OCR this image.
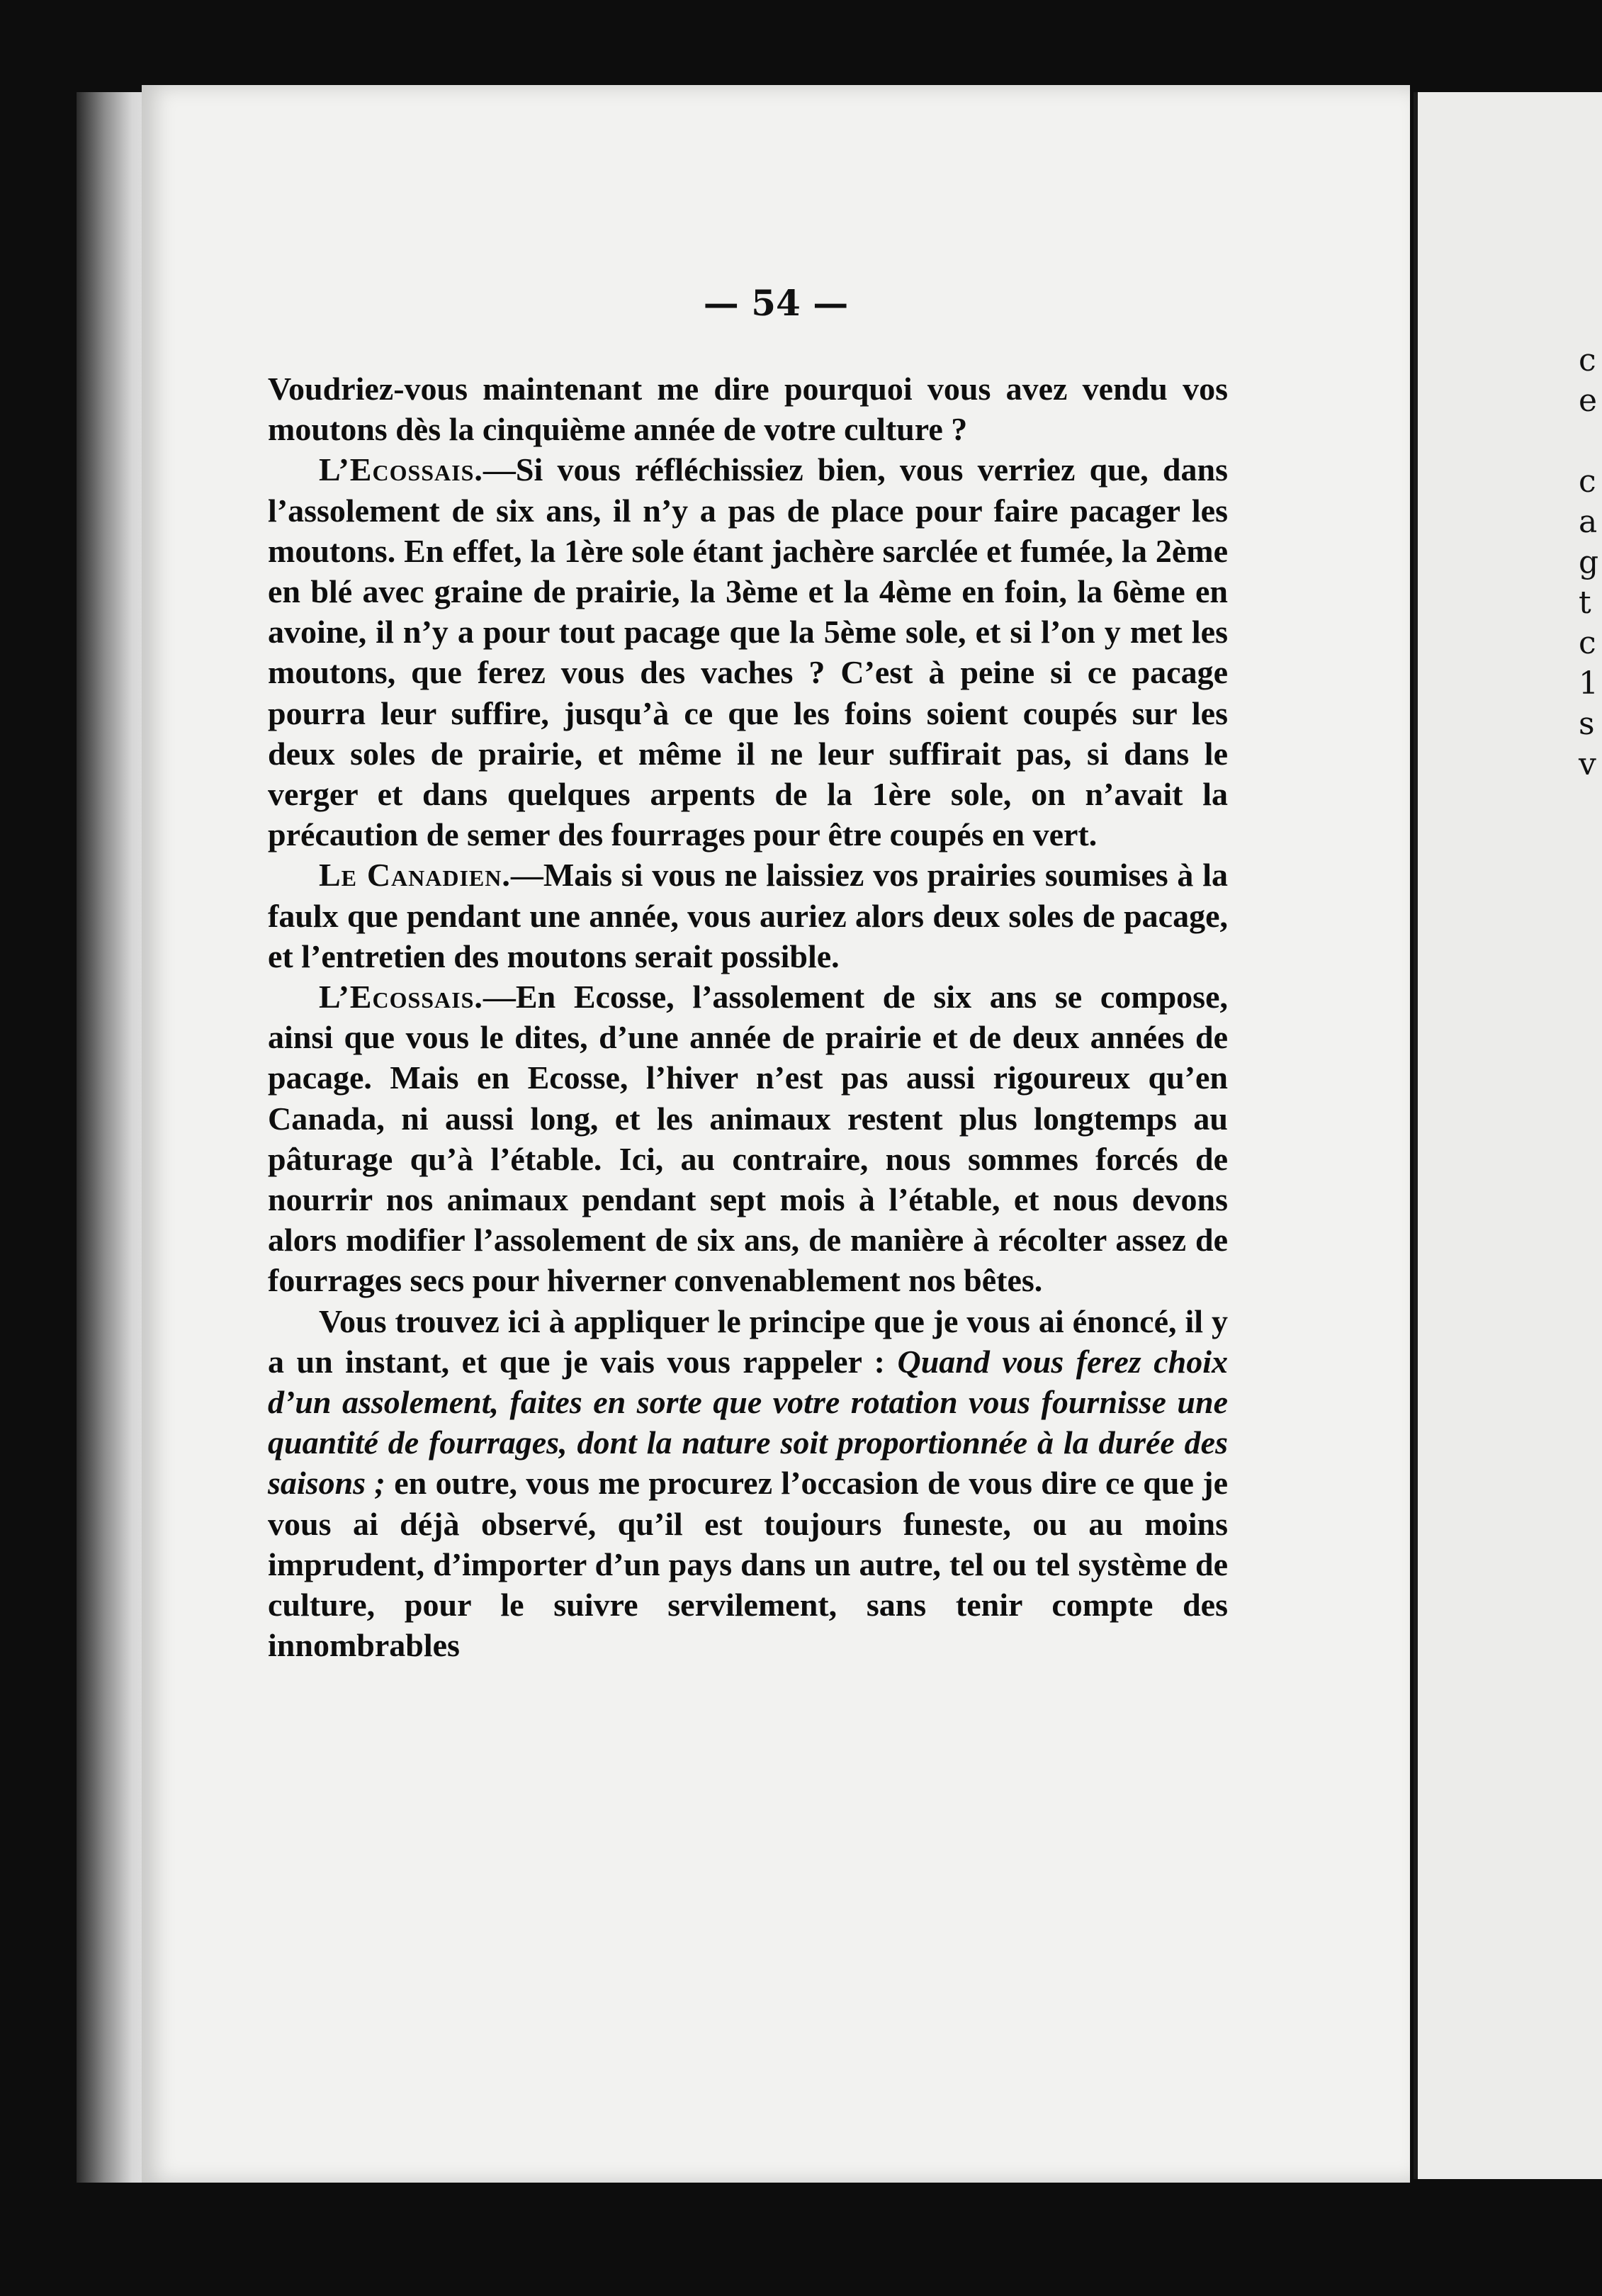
c
e

c
a
g
t
c
1
s
v
— 54 —

Voudriez-vous maintenant me dire pourquoi vous avez vendu vos moutons dès la cinquième année de votre culture ?

L’Ecossais.—Si vous réfléchissiez bien, vous verriez que, dans l’assolement de six ans, il n’y a pas de place pour faire pacager les moutons. En effet, la 1ère sole étant jachère sarclée et fumée, la 2ème en blé avec graine de prairie, la 3ème et la 4ème en foin, la 6ème en avoine, il n’y a pour tout pacage que la 5ème sole, et si l’on y met les moutons, que ferez vous des vaches ? C’est à peine si ce pacage pourra leur suffire, jusqu’à ce que les foins soient coupés sur les deux soles de prairie, et même il ne leur suffirait pas, si dans le verger et dans quelques arpents de la 1ère sole, on n’avait la précaution de semer des fourrages pour être coupés en vert.

Le Canadien.—Mais si vous ne laissiez vos prairies soumises à la faulx que pendant une année, vous auriez alors deux soles de pacage, et l’entretien des moutons serait possible.

L’Ecossais.—En Ecosse, l’assolement de six ans se compose, ainsi que vous le dites, d’une année de prairie et de deux années de pacage. Mais en Ecosse, l’hiver n’est pas aussi rigoureux qu’en Canada, ni aussi long, et les animaux restent plus longtemps au pâturage qu’à l’étable. Ici, au contraire, nous sommes forcés de nourrir nos animaux pendant sept mois à l’étable, et nous devons alors modifier l’assolement de six ans, de manière à récolter assez de fourrages secs pour hiverner convenablement nos bêtes.

Vous trouvez ici à appliquer le principe que je vous ai énoncé, il y a un instant, et que je vais vous rappeler : Quand vous ferez choix d’un assolement, faites en sorte que votre rotation vous fournisse une quantité de fourrages, dont la nature soit proportionnée à la durée des saisons ; en outre, vous me procurez l’occasion de vous dire ce que je vous ai déjà observé, qu’il est toujours funeste, ou au moins imprudent, d’importer d’un pays dans un autre, tel ou tel système de culture, pour le suivre servilement, sans tenir compte des innombrables
